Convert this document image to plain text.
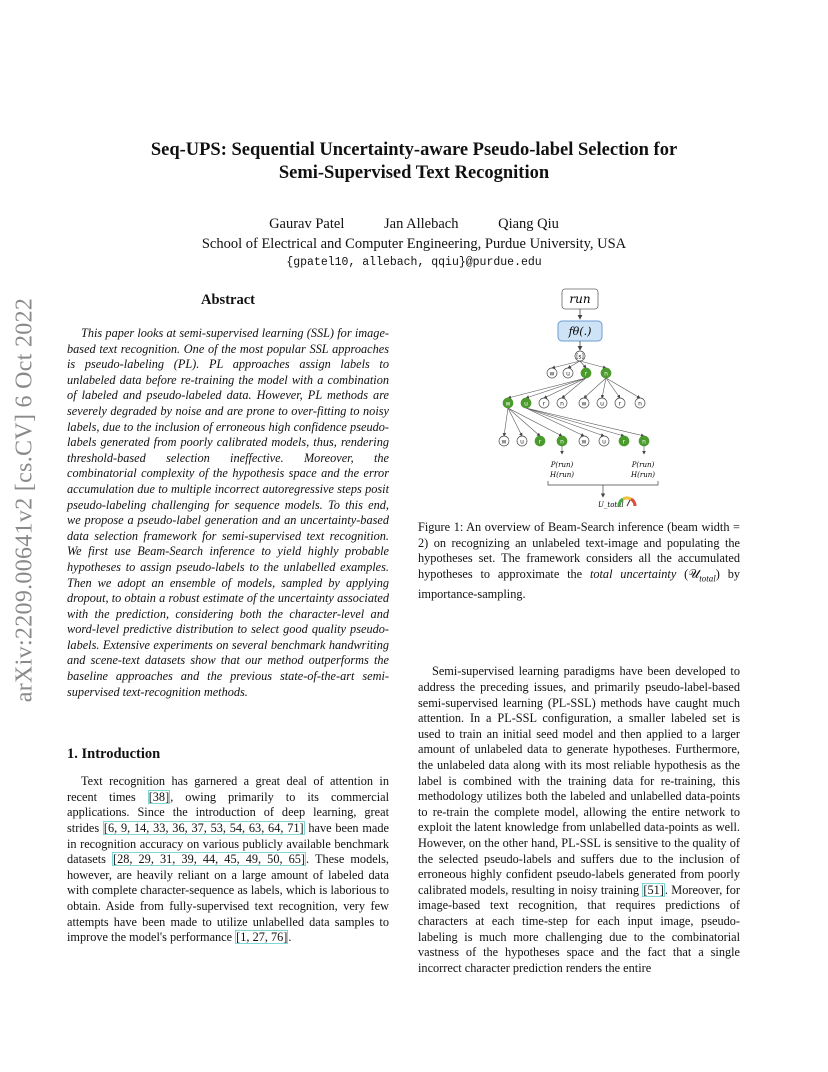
Seq-UPS: Sequential Uncertainty-aware Pseudo-label Selection for
Semi-Supervised Text Recognition
Gaurav Patel	Jan Allebach	Qiang Qiu
School of Electrical and Computer Engineering, Purdue University, USA
{gpatel10, allebach, qqiu}@purdue.edu
arXiv:2209.00641v2 [cs.CV] 6 Oct 2022	Abstract

This paper looks at semi-supervised learning (SSL) for image-based text recognition. One of the most popular SSL approaches is pseudo-labeling (PL). PL approaches assign labels to unlabeled data before re-training the model with a combination of labeled and pseudo-labeled data. However, PL methods are severely degraded by noise and are prone to over-fitting to noisy labels, due to the inclusion of erroneous high confidence pseudo-labels generated from poorly calibrated models, thus, rendering threshold-based selection ineffective. Moreover, the combinatorial complexity of the hypothesis space and the error accumulation due to multiple incorrect autoregressive steps posit pseudo-labeling challenging for sequence models. To this end, we propose a pseudo-label generation and an uncertainty-based data selection framework for semi-supervised text recognition. We first use Beam-Search inference to yield highly probable hypotheses to assign pseudo-labels to the unlabelled examples. Then we adopt an ensemble of models, sampled by applying dropout, to obtain a robust estimate of the uncertainty associated with the prediction, considering both the character-level and word-level predictive distribution to select good quality pseudo-labels. Extensive experiments on several benchmark handwriting and scene-text datasets show that our method outperforms the baseline approaches and the previous state-of-the-art semi-supervised text-recognition methods.

1. Introduction

Text recognition has garnered a great deal of attention in recent times [38], owing primarily to its commercial applications. Since the introduction of deep learning, great strides [6, 9, 14, 33, 36, 37, 53, 54, 63, 64, 71] have been made in recognition accuracy on various publicly available benchmark datasets [28, 29, 31, 39, 44, 45, 49, 50, 65]. These models, however, are heavily reliant on a large amount of labeled data with complete character-sequence as labels, which is laborious to obtain. Aside from fully-supervised text recognition, very few attempts have been made to utilize unlabelled data samples to improve the model's performance [1, 27, 76].

run
fθ(.)
[s]
w u r	n
w u r n	w u r	n
w u r	n	w	u	r	n
P(run)
H(run)
P(run)
H(run)
U_total

Figure 1: An overview of Beam-Search inference (beam width = 2) on recognizing an unlabeled text-image and populating the hypotheses set. The framework considers all the accumulated hypotheses to approximate the total uncertainty (𝒰$_{total}$) by importance-sampling.

Semi-supervised learning paradigms have been developed to address the preceding issues, and primarily pseudo-label-based semi-supervised learning (PL-SSL) methods have caught much attention. In a PL-SSL configuration, a smaller labeled set is used to train an initial seed model and then applied to a larger amount of unlabeled data to generate hypotheses. Furthermore, the unlabeled data along with its most reliable hypothesis as the label is combined with the training data for re-training, this methodology utilizes both the labeled and unlabelled data-points to re-train the complete model, allowing the entire network to exploit the latent knowledge from unlabelled data-points as well. However, on the other hand, PL-SSL is sensitive to the quality of the selected pseudo-labels and suffers due to the inclusion of erroneous highly confident pseudo-labels generated from poorly calibrated models, resulting in noisy training [51]. Moreover, for image-based text recognition, that requires predictions of characters at each time-step for each input image, pseudo-labeling is much more challenging due to the combinatorial vastness of the hypotheses space and the fact that a single incorrect character prediction renders the entire
